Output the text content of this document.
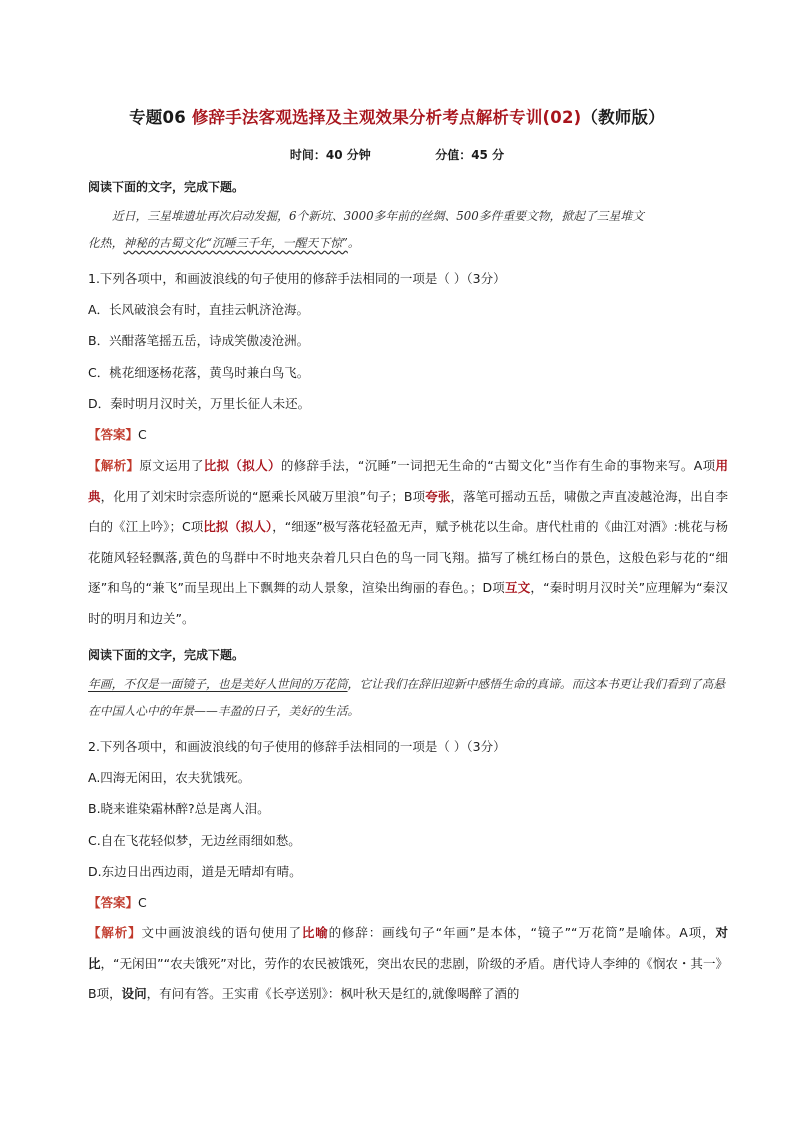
专题06 修辞手法客观选择及主观效果分析考点解析专训(02)（教师版）
时间：40 分钟	分值：45 分
阅读下面的文字，完成下题。
近日，三星堆遗址再次启动发掘，6个新坑、3000多年前的丝绸、500多件重要文物，掀起了三星堆文
化热，神秘的古蜀文化“沉睡三千年，一醒天下惊”。
1.下列各项中，和画波浪线的句子使用的修辞手法相同的一项是（ ）（3分）
A．长风破浪会有时，直挂云帆济沧海。
B．兴酣落笔摇五岳，诗成笑傲凌沧洲。
C．桃花细逐杨花落，黄鸟时兼白鸟飞。
D．秦时明月汉时关，万里长征人未还。
【答案】C
【解析】原文运用了比拟（拟人）的修辞手法，“沉睡”一词把无生命的“古蜀文化”当作有生命的事物来写。A项用典，化用了刘宋时宗悫所说的“愿乘长风破万里浪”句子；B项夸张，落笔可摇动五岳，啸傲之声直凌越沧海，出自李白的《江上吟》；C项比拟（拟人），“细逐”极写落花轻盈无声，赋予桃花以生命。唐代杜甫的《曲江对酒》:桃花与杨花随风轻轻飘落,黄色的鸟群中不时地夹杂着几只白色的鸟一同飞翔。描写了桃红杨白的景色，这般色彩与花的“细逐”和鸟的“兼飞”而呈现出上下飘舞的动人景象，渲染出绚丽的春色。；D项互文，“秦时明月汉时关”应理解为“秦汉时的明月和边关”。
阅读下面的文字，完成下题。
年画，不仅是一面镜子，也是美好人世间的万花筒，它让我们在辞旧迎新中感悟生命的真谛。而这本书更让我们看到了高悬在中国人心中的年景——丰盈的日子，美好的生活。
2.下列各项中，和画波浪线的句子使用的修辞手法相同的一项是（ ）（3分）
A.四海无闲田，农夫犹饿死。
B.晓来谁染霜林醉?总是离人泪。
C.自在飞花轻似梦，无边丝雨细如愁。
D.东边日出西边雨，道是无晴却有晴。
【答案】C
【解析】文中画波浪线的语句使用了比喻的修辞：画线句子“年画”是本体，“镜子”“万花筒”是喻体。A项，对比，“无闲田”“农夫饿死”对比，劳作的农民被饿死，突出农民的悲剧，阶级的矛盾。唐代诗人李绅的《悯农・其一》B项，设问，有问有答。王实甫《长亭送别》：枫叶秋天是红的,就像喝醉了酒的
